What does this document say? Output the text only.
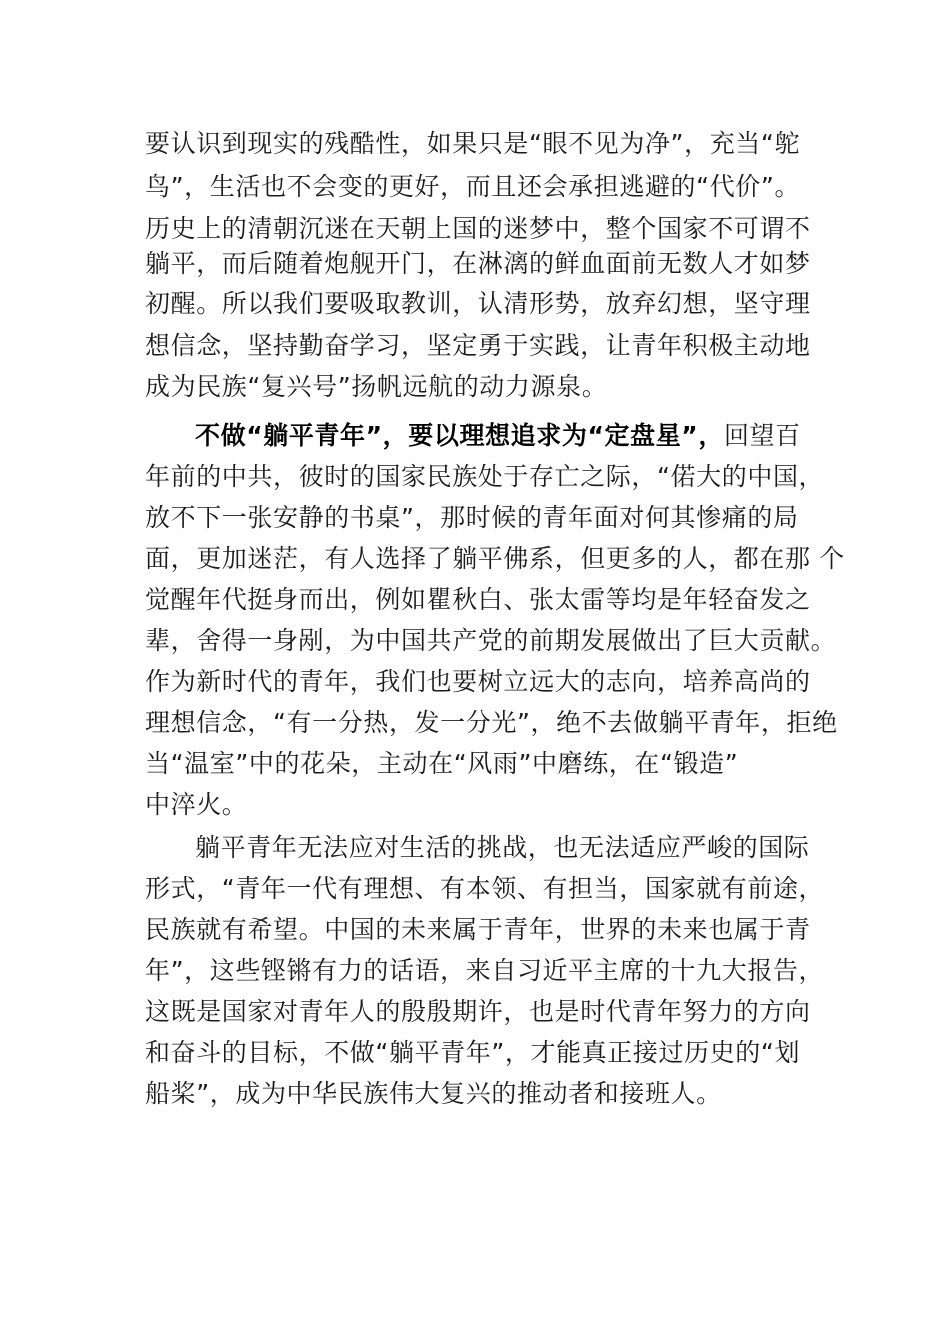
要认识到现实的残酷性，如果只是“眼不见为净”，充当“鸵
鸟”，生活也不会变的更好，而且还会承担逃避的“代价”。
历史上的清朝沉迷在天朝上国的迷梦中，整个国家不可谓不
躺平，而后随着炮舰开门，在淋漓的鲜血面前无数人才如梦
初醒。所以我们要吸取教训，认清形势，放弃幻想，坚守理
想信念，坚持勤奋学习，坚定勇于实践，让青年积极主动地
成为民族“复兴号”扬帆远航的动力源泉。
不做“躺平青年”，要以理想追求为“定盘星”，回望百
年前的中共，彼时的国家民族处于存亡之际，“偌大的中国，
放不下一张安静的书桌”，那时候的青年面对何其惨痛的局
面，更加迷茫，有人选择了躺平佛系，但更多的人，都在那 个
觉醒年代挺身而出，例如瞿秋白、张太雷等均是年轻奋发之
辈，舍得一身剐，为中国共产党的前期发展做出了巨大贡献。
作为新时代的青年，我们也要树立远大的志向，培养高尚的
理想信念，“有一分热，发一分光”，绝不去做躺平青年，拒绝
当“温室”中的花朵，主动在“风雨”中磨练，在“锻造”
中淬火。
躺平青年无法应对生活的挑战，也无法适应严峻的国际
形式，“青年一代有理想、有本领、有担当，国家就有前途，
民族就有希望。中国的未来属于青年，世界的未来也属于青
年”，这些铿锵有力的话语，来自习近平主席的十九大报告，
这既是国家对青年人的殷殷期许，也是时代青年努力的方向
和奋斗的目标，不做“躺平青年”，才能真正接过历史的“划
船桨”，成为中华民族伟大复兴的推动者和接班人。
